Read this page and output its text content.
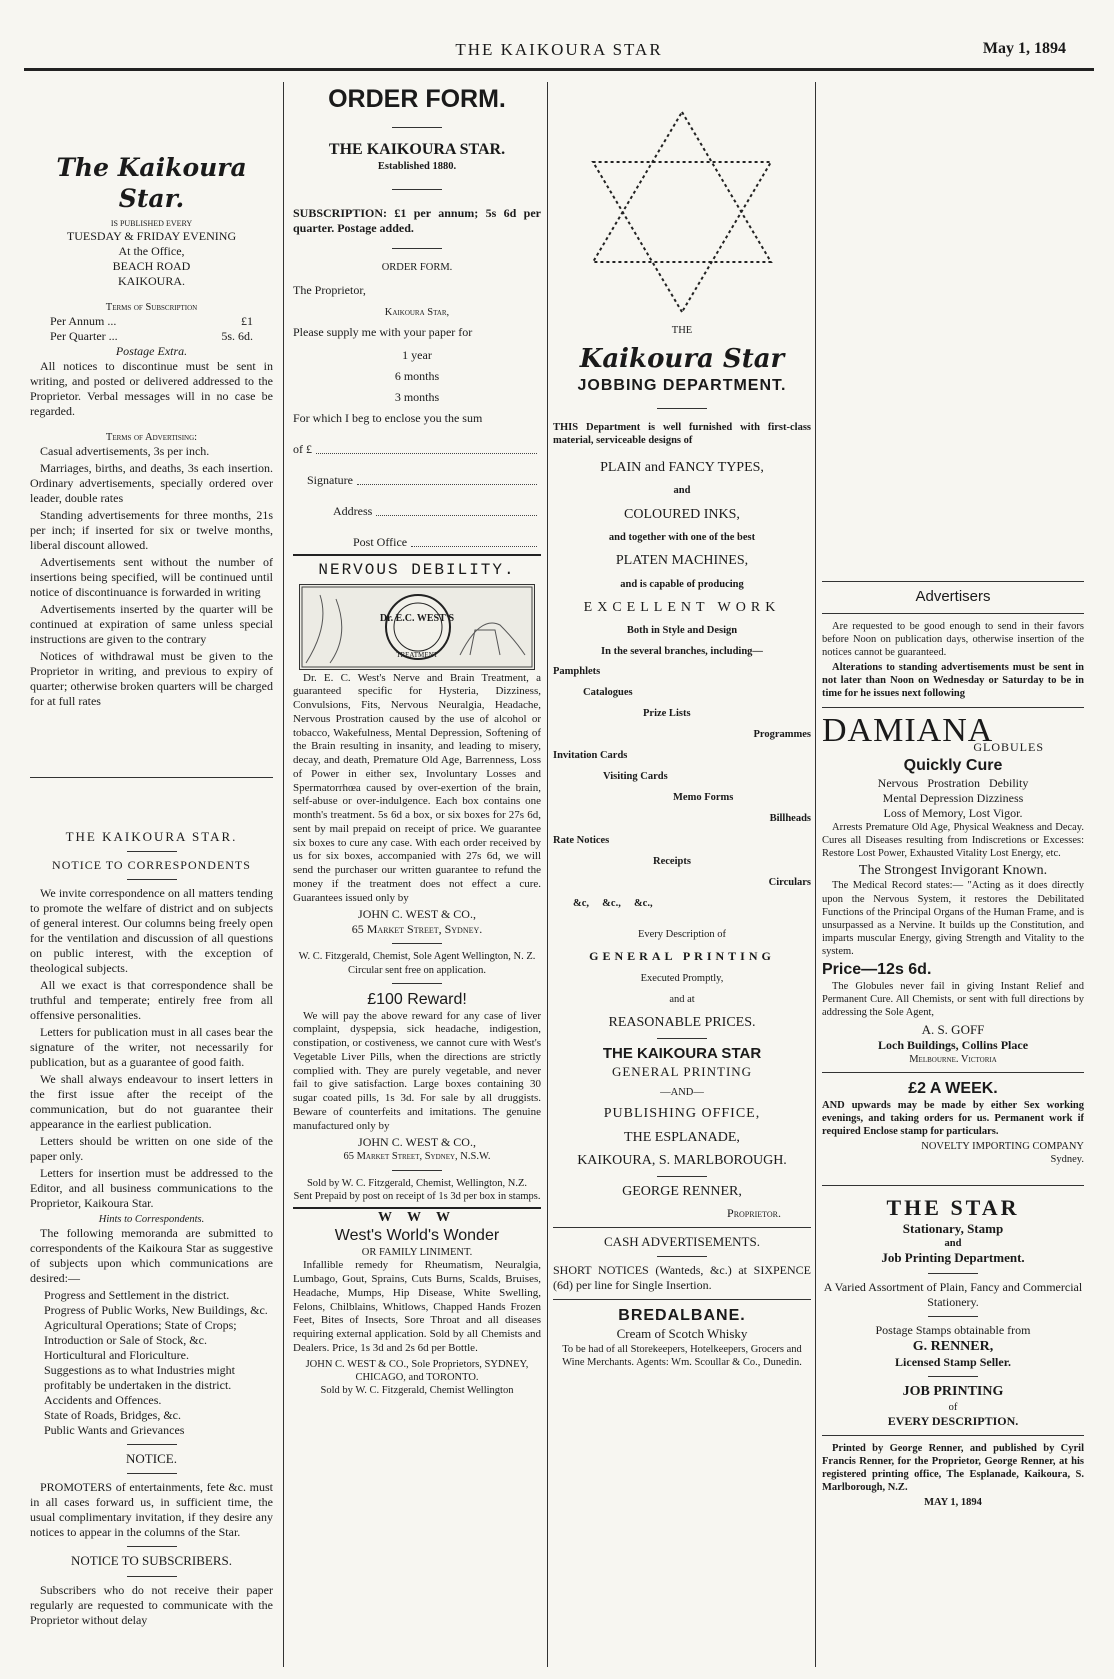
THE KAIKOURA STAR	May 1, 1894
The Kaikoura Star.
IS PUBLISHED EVERY
TUESDAY & FRIDAY EVENING
At the Office,
BEACH ROAD
KAIKOURA.
Terms of Subscription
Per Annum ...	£1
Per Quarter ...	5s. 6d.
Postage Extra.

All notices to discontinue must be sent in writing, and posted or delivered addressed to the Proprietor. Verbal messages will in no case be regarded.

Terms of Advertising:

Casual advertisements, 3s per inch.

Marriages, births, and deaths, 3s each insertion. Ordinary advertisements, specially ordered over leader, double rates

Standing advertisements for three months, 21s per inch; if inserted for six or twelve months, liberal discount allowed.

Advertisements sent without the number of insertions being specified, will be continued until notice of discontinuance is forwarded in writing

Advertisements inserted by the quarter will be continued at expiration of same unless special instructions are given to the contrary

Notices of withdrawal must be given to the Proprietor in writing, and previous to expiry of quarter; otherwise broken quarters will be charged for at full rates

THE KAIKOURA STAR.
NOTICE TO CORRESPONDENTS

We invite correspondence on all matters tending to promote the welfare of district and on subjects of general interest. Our columns being freely open for the ventilation and discussion of all questions on public interest, with the exception of theological subjects.

All we exact is that correspondence shall be truthful and temperate; entirely free from all offensive personalities.

Letters for publication must in all cases bear the signature of the writer, not necessarily for publication, but as a guarantee of good faith.

We shall always endeavour to insert letters in the first issue after the receipt of the communication, but do not guarantee their appearance in the earliest publication.

Letters should be written on one side of the paper only.

Letters for insertion must be addressed to the Editor, and all business communications to the Proprietor, Kaikoura Star.

Hints to Correspondents.

The following memoranda are submitted to correspondents of the Kaikoura Star as suggestive of subjects upon which communications are desired:—

Progress and Settlement in the district.
Progress of Public Works, New Buildings, &c.
Agricultural Operations; State of Crops; Introduction or Sale of Stock, &c.
Horticultural and Floriculture.
Suggestions as to what Industries might profitably be undertaken in the district.
Accidents and Offences.
State of Roads, Bridges, &c.
Public Wants and Grievances
NOTICE.

PROMOTERS of entertainments, fete &c. must in all cases forward us, in sufficient time, the usual complimentary invitation, if they desire any notices to appear in the columns of the Star.

NOTICE TO SUBSCRIBERS.

Subscribers who do not receive their paper regularly are requested to communicate with the Proprietor without delay

ORDER FORM.
THE KAIKOURA STAR.
Established 1880.

SUBSCRIPTION: £1 per annum; 5s 6d per quarter. Postage added.

ORDER FORM.
The Proprietor,
Kaikoura Star,

Please supply me with your paper for

1 year
6 months
3 months

For which I beg to enclose you the sum

of £
Signature
Address
Post Office
NERVOUS DEBILITY.
Dr. E.C. WEST'S
TREATMENT

Dr. E. C. West's Nerve and Brain Treatment, a guaranteed specific for Hysteria, Dizziness, Convulsions, Fits, Nervous Neuralgia, Headache, Nervous Prostration caused by the use of alcohol or tobacco, Wakefulness, Mental Depression, Softening of the Brain resulting in insanity, and leading to misery, decay, and death, Premature Old Age, Barrenness, Loss of Power in either sex, Involuntary Losses and Spermatorrhœa caused by over-exertion of the brain, self-abuse or over-indulgence. Each box contains one month's treatment. 5s 6d a box, or six boxes for 27s 6d, sent by mail prepaid on receipt of price. We guarantee six boxes to cure any case. With each order received by us for six boxes, accompanied with 27s 6d, we will send the purchaser our written guarantee to refund the money if the treatment does not effect a cure. Guarantees issued only by

JOHN C. WEST & CO.,
65 Market Street, Sydney.
W. C. Fitzgerald, Chemist, Sole Agent Wellington, N. Z.
Circular sent free on application.
£100 Reward!

We will pay the above reward for any case of liver complaint, dyspepsia, sick headache, indigestion, constipation, or costiveness, we cannot cure with West's Vegetable Liver Pills, when the directions are strictly complied with. They are purely vegetable, and never fail to give satisfaction. Large boxes containing 30 sugar coated pills, 1s 3d. For sale by all druggists. Beware of counterfeits and imitations. The genuine manufactured only by

JOHN C. WEST & CO.,
65 Market Street, Sydney, N.S.W.
Sold by W. C. Fitzgerald, Chemist, Wellington, N.Z.
Sent Prepaid by post on receipt of 1s 3d per box in stamps.
W W W
West's World's Wonder
OR FAMILY LINIMENT.

Infallible remedy for Rheumatism, Neuralgia, Lumbago, Gout, Sprains, Cuts Burns, Scalds, Bruises, Headache, Mumps, Hip Disease, White Swelling, Felons, Chilblains, Whitlows, Chapped Hands Frozen Feet, Bites of Insects, Sore Throat and all diseases requiring external application. Sold by all Chemists and Dealers. Price, 1s 3d and 2s 6d per Bottle.

JOHN C. WEST & CO., Sole Proprietors, SYDNEY, CHICAGO, and TORONTO.
Sold by W. C. Fitzgerald, Chemist Wellington
THE
Kaikoura Star
JOBBING DEPARTMENT.

THIS Department is well furnished with first-class material, serviceable designs of

PLAIN and FANCY TYPES,
and
COLOURED INKS,
and together with one of the best
PLATEN MACHINES,
and is capable of producing
EXCELLENT WORK
Both in Style and Design
In the several branches, including—
Pamphlets
Catalogues
Prize Lists
Programmes
Invitation Cards
Visiting Cards
Memo Forms
Billheads
Rate Notices
Receipts
Circulars
&c,     &c.,     &c.,
Every Description of
GENERAL PRINTING
Executed Promptly,
and at
REASONABLE PRICES.
THE KAIKOURA STAR
GENERAL PRINTING
—AND—
PUBLISHING OFFICE,
THE ESPLANADE,
KAIKOURA, S. MARLBOROUGH.
GEORGE RENNER,
Proprietor.
CASH ADVERTISEMENTS.

SHORT NOTICES (Wanteds, &c.) at SIXPENCE (6d) per line for Single Insertion.

BREDALBANE.
Cream of Scotch Whisky
To be had of all Storekeepers, Hotelkeepers, Grocers and Wine Merchants. Agents: Wm. Scoullar & Co., Dunedin.
Advertisers

Are requested to be good enough to send in their favors before Noon on publication days, otherwise insertion of the notices cannot be guaranteed.

Alterations to standing advertisements must be sent in not later than Noon on Wednesday or Saturday to be in time for he issues next following

DAMIANA
GLOBULES
Quickly Cure
Nervous   Prostration   Debility
Mental Depression Dizziness
Loss of Memory, Lost Vigor.

Arrests Premature Old Age, Physical Weakness and Decay. Cures all Diseases resulting from Indiscretions or Excesses: Restore Lost Power, Exhausted Vitality Lost Energy, etc.

The Strongest Invigorant Known.

The Medical Record states:— "Acting as it does directly upon the Nervous System, it restores the Debilitated Functions of the Principal Organs of the Human Frame, and is unsurpassed as a Nervine. It builds up the Constitution, and imparts muscular Energy, giving Strength and Vitality to the system.

Price—12s 6d.

The Globules never fail in giving Instant Relief and Permanent Cure. All Chemists, or sent with full directions by addressing the Sole Agent,

A. S. GOFF
Loch Buildings, Collins Place
Melbourne. Victoria
£2 A WEEK.

AND upwards may be made by either Sex working evenings, and taking orders for us. Permanent work if required Enclose stamp for particulars.

NOVELTY IMPORTING COMPANY
Sydney.
THE STAR
Stationary, Stamp
and
Job Printing Department.
A Varied Assortment of Plain, Fancy and Commercial Stationery.
Postage Stamps obtainable from
G. RENNER,
Licensed Stamp Seller.
JOB PRINTING
of
EVERY DESCRIPTION.

Printed by George Renner, and published by Cyril Francis Renner, for the Proprietor, George Renner, at his registered printing office, The Esplanade, Kaikoura, S. Marlborough, N.Z.

MAY 1, 1894
